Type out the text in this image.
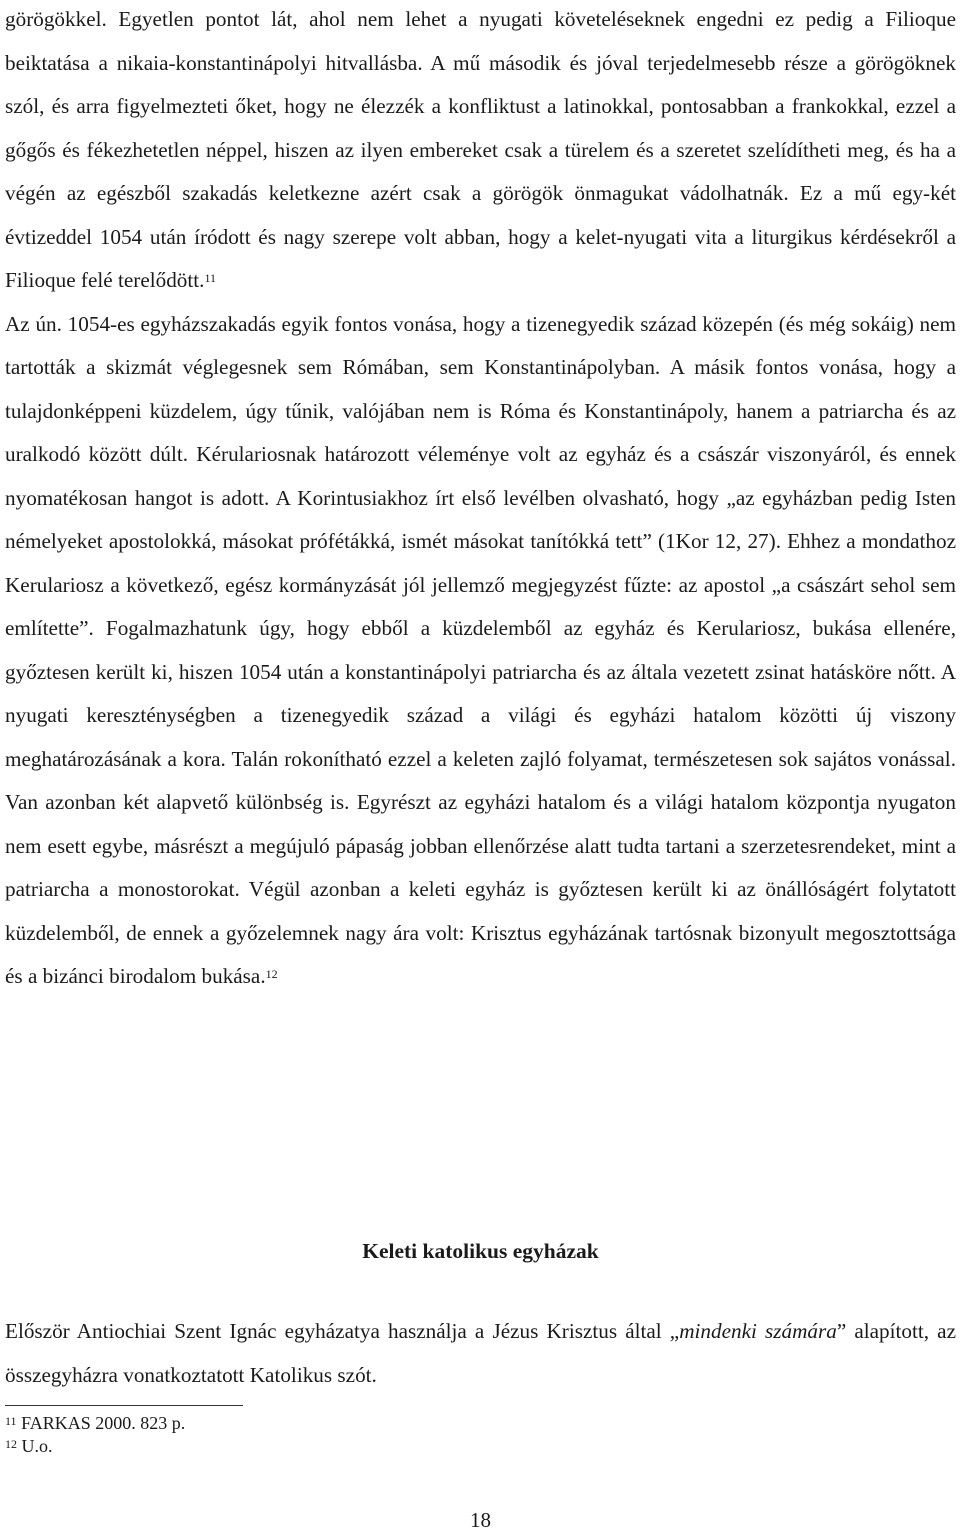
görögökkel. Egyetlen pontot lát, ahol nem lehet a nyugati követeléseknek engedni ez pedig a Filioque beiktatása a nikaia-konstantinápolyi hitvallásba. A mű második és jóval terjedelmesebb része a görögöknek szól, és arra figyelmezteti őket, hogy ne élezzék a konfliktust a latinokkal, pontosabban a frankokkal, ezzel a gőgős és fékezhetetlen néppel, hiszen az ilyen embereket csak a türelem és a szeretet szelídítheti meg, és ha a végén az egészből szakadás keletkezne azért csak a görögök önmagukat vádolhatnák. Ez a mű egy-két évtizeddel 1054 után íródott és nagy szerepe volt abban, hogy a kelet-nyugati vita a liturgikus kérdésekről a Filioque felé terelődött.$^{11}$

Az ún. 1054-es egyházszakadás egyik fontos vonása, hogy a tizenegyedik század közepén (és még sokáig) nem tartották a skizmát véglegesnek sem Rómában, sem Konstantinápolyban. A másik fontos vonása, hogy a tulajdonképpeni küzdelem, úgy tűnik, valójában nem is Róma és Konstantinápoly, hanem a patriarcha és az uralkodó között dúlt. Kérulariosnak határozott véleménye volt az egyház és a császár viszonyáról, és ennek nyomatékosan hangot is adott. A Korintusiakhoz írt első levélben olvasható, hogy „az egyházban pedig Isten némelyeket apostolokká, másokat prófétákká, ismét másokat tanítókká tett” (1Kor 12, 27). Ehhez a mondathoz Kerulariosz a következő, egész kormányzását jól jellemző megjegyzést fűzte: az apostol „a császárt sehol sem említette”. Fogalmazhatunk úgy, hogy ebből a küzdelemből az egyház és Kerulariosz, bukása ellenére, győztesen került ki, hiszen 1054 után a konstantinápolyi patriarcha és az általa vezetett zsinat hatásköre nőtt. A nyugati kereszténységben a tizenegyedik század a világi és egyházi hatalom közötti új viszony meghatározásának a kora. Talán rokonítható ezzel a keleten zajló folyamat, természetesen sok sajátos vonással. Van azonban két alapvető különbség is. Egyrészt az egyházi hatalom és a világi hatalom központja nyugaton nem esett egybe, másrészt a megújuló pápaság jobban ellenőrzése alatt tudta tartani a szerzetesrendeket, mint a patriarcha a monostorokat. Végül azonban a keleti egyház is győztesen került ki az önállóságért folytatott küzdelemből, de ennek a győzelemnek nagy ára volt: Krisztus egyházának tartósnak bizonyult megosztottsága és a bizánci birodalom bukása.$^{12}$

Keleti katolikus egyházak

Először Antiochiai Szent Ignác egyházatya használja a Jézus Krisztus által „mindenki számára” alapított, az összegyházra vonatkoztatott Katolikus szót.

$^{11}$ FARKAS 2000. 823 p.

$^{12}$ U.o.

18
